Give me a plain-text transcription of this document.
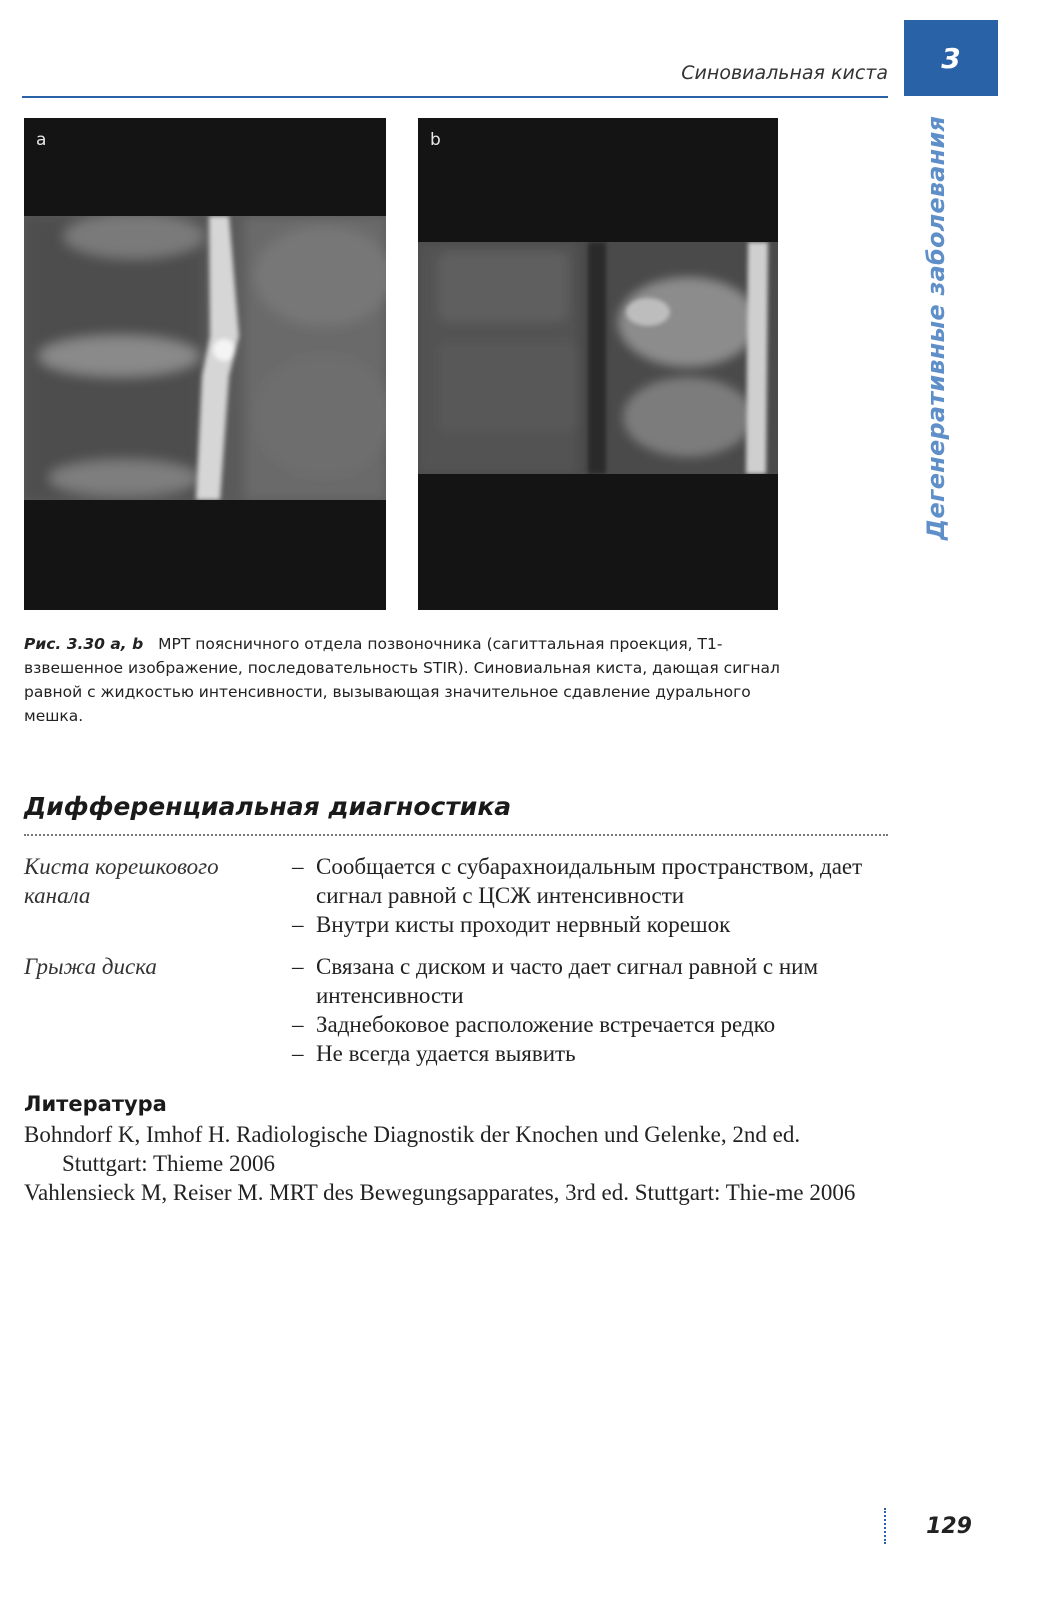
Синовиальная киста 3
Дегенеративные заболевания
a	b
Рис. 3.30 a, b МРТ поясничного отдела позвоночника (сагиттальная проекция, T1-взвешенное изображение, последовательность STIR). Синовиальная киста, дающая сигнал равной с жидкостью интенсивности, вызывающая значительное сдавление дурального мешка.
Дифференциальная диагностика
Киста корешкового канала
– Сообщается с субарахноидальным пространством, дает сигнал равной с ЦСЖ интенсивности
– Внутри кисты проходит нервный корешок
Грыжа диска
–	Связана с диском и часто дает сигнал равной с ним интенсивности
– Заднебоковое расположение встречается редко
– Не всегда удается выявить
Литература

Bohndorf K, Imhof H. Radiologische Diagnostik der Knochen und Gelenke, 2nd ed. Stuttgart: Thieme 2006

Vahlensieck M, Reiser M. MRT des Bewegungsapparates, 3rd ed. Stuttgart: Thie-me 2006

129
